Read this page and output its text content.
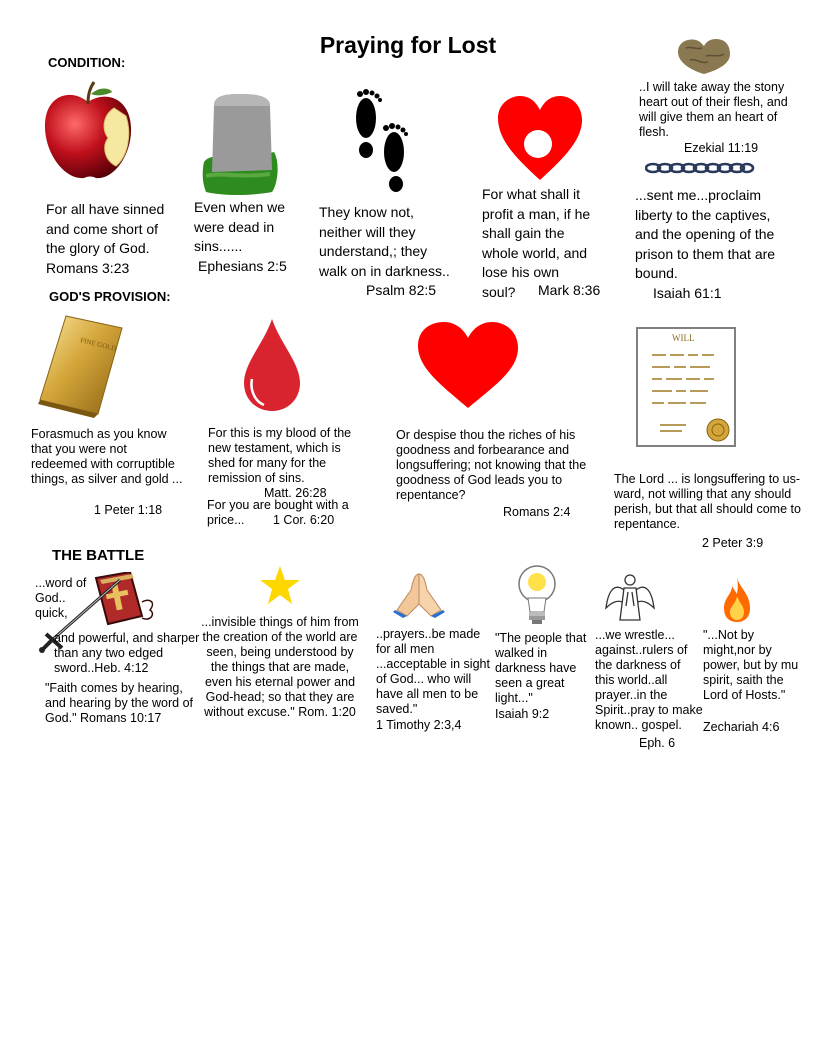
Praying for Lost
CONDITION:
GOD'S PROVISION:
THE BATTLE
For all have sinned and come short of the glory of God.
Romans 3:23
Even when we were dead in sins......
Ephesians 2:5
They know not, neither will they understand,; they walk on in darkness..
Psalm 82:5
For what shall it profit a man, if he shall gain the whole world, and lose his own soul?	Mark 8:36
..I will take away the stony heart out of their flesh, and will give them an heart of flesh.
Ezekial 11:19
...sent me...proclaim liberty to the captives, and the opening of the prison to them that are bound.
Isaiah 61:1
FINE GOLD
Forasmuch as you know that you were not redeemed with corruptible things, as silver and gold ...
1 Peter 1:18
For this is my blood of the new testament, which is shed for many for the remission of sins.
Matt. 26:28
For you are bought with a price...	1 Cor. 6:20
Or despise thou the riches of his goodness and forbearance and longsuffering; not knowing that the goodness of God leads you to repentance?
Romans 2:4
WILL
The Lord ... is longsuffering to us-ward, not willing that any should perish, but that all should come to repentance.
2 Peter 3:9
...word of God.. quick,
and powerful, and sharper than any two edged sword..Heb. 4:12
"Faith comes by hearing, and hearing by the word of God." Romans 10:17
...invisible things of him from the creation of the world are seen, being understood by the things that are made, even his eternal power and God-head; so that they are without excuse." Rom. 1:20
..prayers..be made for all men ...acceptable in sight of God... who will have all men to be saved."
1 Timothy 2:3,4
"The people that walked in darkness have seen a great light..."
Isaiah 9:2
...we wrestle... against..rulers of the darkness of this world..all prayer..in the Spirit..pray to make known.. gospel.
Eph. 6
"...Not by might,nor by power, but by mu spirit, saith the Lord of Hosts."
Zechariah 4:6
